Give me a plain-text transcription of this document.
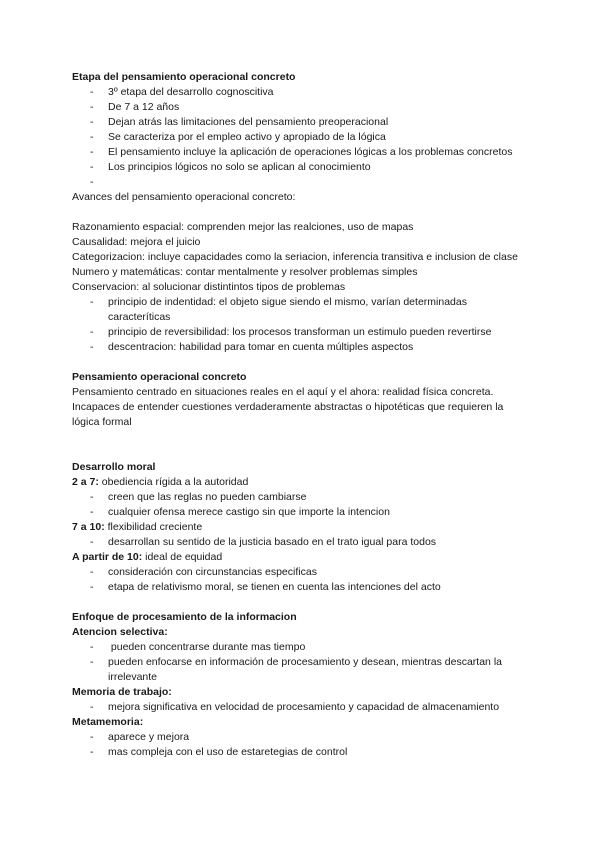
Etapa del pensamiento operacional concreto
- 3º etapa del desarrollo cognoscitiva
- De 7 a 12 años
- Dejan atrás las limitaciones del pensamiento preoperacional
- Se caracteriza por el empleo activo y apropiado de la lógica
- El pensamiento incluye la aplicación de operaciones lógicas a los problemas concretos
- Los principios lógicos no solo se aplican al conocimiento
-
Avances del pensamiento operacional concreto:
Razonamiento espacial: comprenden mejor las realciones, uso de mapas
Causalidad: mejora el juicio
Categorizacion: incluye capacidades como la seriacion, inferencia transitiva e inclusion de clase
Numero y matemáticas: contar mentalmente y resolver problemas simples
Conservacion: al solucionar distintintos tipos de problemas
- principio de indentidad: el objeto sigue siendo el mismo, varían determinadas caracteríticas
- principio de reversibilidad: los procesos transforman un estimulo pueden revertirse
- descentracion: habilidad para tomar en cuenta múltiples aspectos
Pensamiento operacional concreto
Pensamiento centrado en situaciones reales en el aquí y el ahora: realidad física concreta. Incapaces de entender cuestiones verdaderamente abstractas o hipotéticas que requieren la lógica formal
Desarrollo moral
2 a 7: obediencia rígida a la autoridad
- creen que las reglas no pueden cambiarse
- cualquier ofensa merece castigo sin que importe la intencion
7 a 10: flexibilidad creciente
- desarrollan su sentido de la justicia basado en el trato igual para todos
A partir de 10: ideal de equidad
- consideración con circunstancias especificas
- etapa de relativismo moral, se tienen en cuenta las intenciones del acto
Enfoque de procesamiento de la informacion
Atencion selectiva:
-  pueden concentrarse durante mas tiempo
- pueden enfocarse en información de procesamiento y desean, mientras descartan la irrelevante
Memoria de trabajo:
- mejora significativa en velocidad de procesamiento y capacidad de almacenamiento
Metamemoria:
- aparece y mejora
- mas compleja con el uso de estaretegias de control
